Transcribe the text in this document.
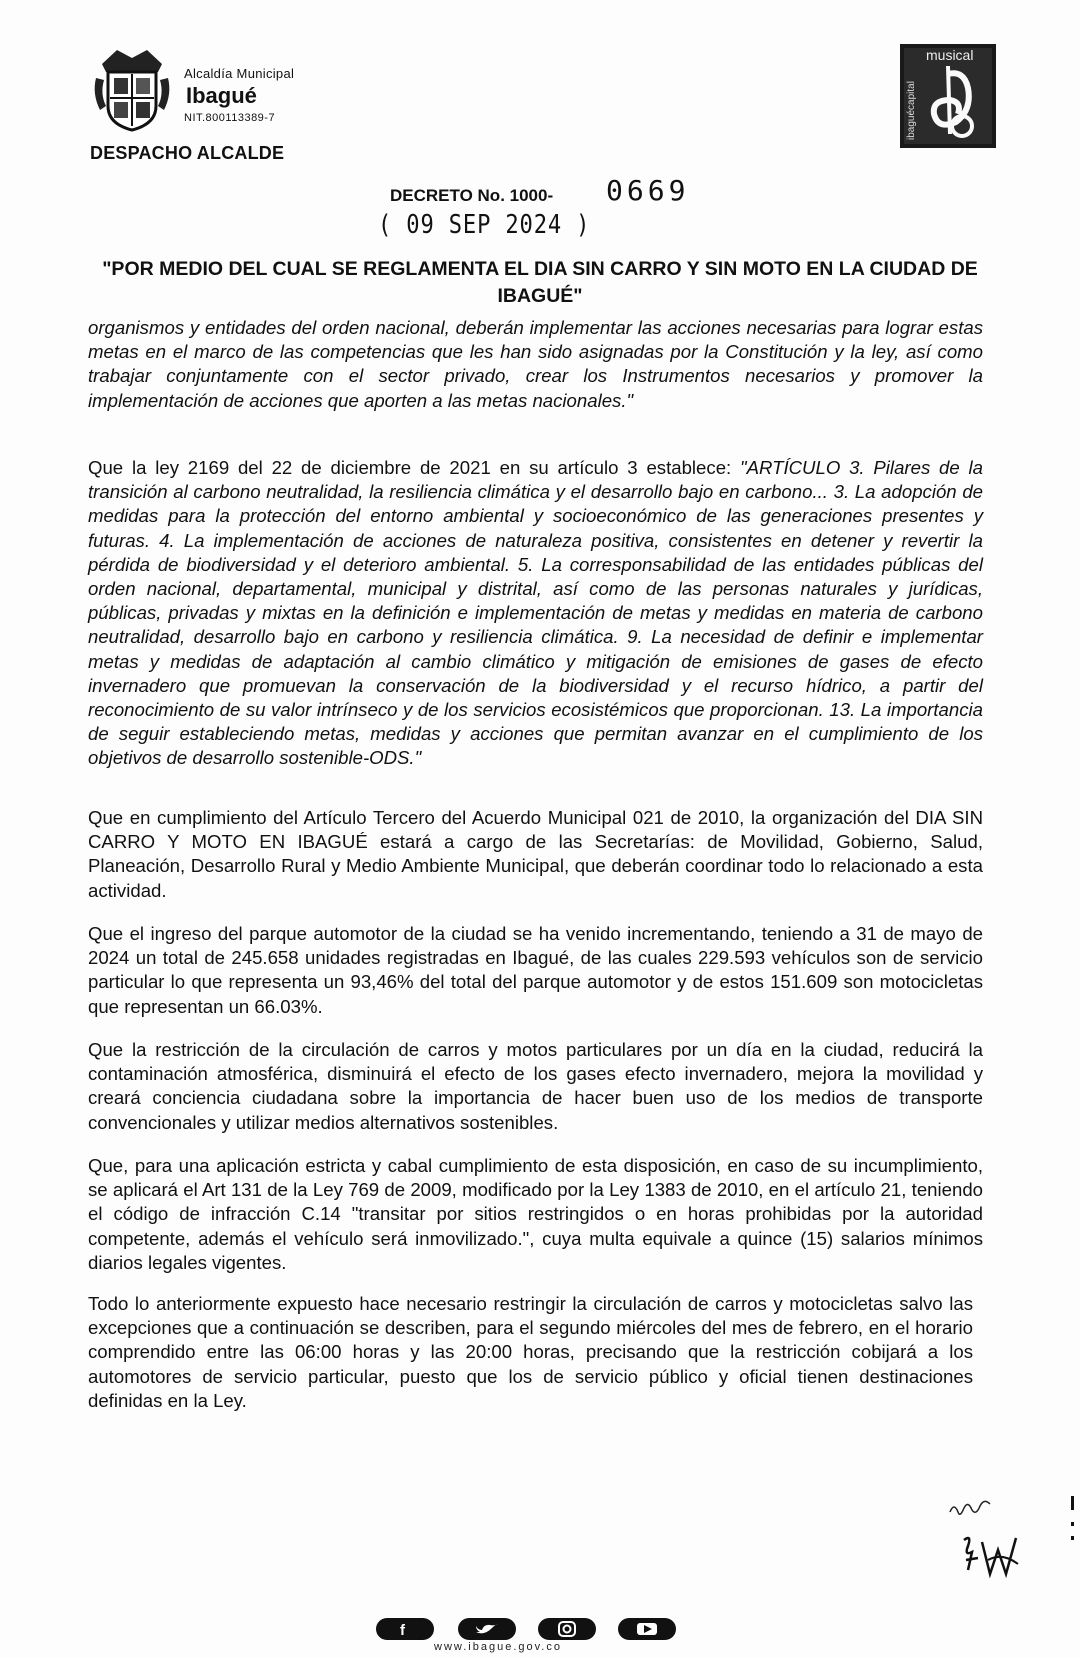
Alcaldía Municipal
Ibagué
NIT.800113389-7
DESPACHO ALCALDE
musical
ibaguécapital
DECRETO No. 1000- 0669
( 09 SEP 2024 )
"POR MEDIO DEL CUAL SE REGLAMENTA EL DIA SIN CARRO Y SIN MOTO EN LA CIUDAD DE IBAGUÉ"
organismos y entidades del orden nacional, deberán implementar las acciones necesarias para lograr estas metas en el marco de las competencias que les han sido asignadas por la Constitución y la ley, así como trabajar conjuntamente con el sector privado, crear los Instrumentos necesarios y promover la implementación de acciones que aporten a las metas nacionales."
Que la ley 2169 del 22 de diciembre de 2021 en su artículo 3 establece: "ARTÍCULO 3. Pilares de la transición al carbono neutralidad, la resiliencia climática y el desarrollo bajo en carbono... 3. La adopción de medidas para la protección del entorno ambiental y socioeconómico de las generaciones presentes y futuras. 4. La implementación de acciones de naturaleza positiva, consistentes en detener y revertir la pérdida de biodiversidad y el deterioro ambiental. 5. La corresponsabilidad de las entidades públicas del orden nacional, departamental, municipal y distrital, así como de las personas naturales y jurídicas, públicas, privadas y mixtas en la definición e implementación de metas y medidas en materia de carbono neutralidad, desarrollo bajo en carbono y resiliencia climática. 9. La necesidad de definir e implementar metas y medidas de adaptación al cambio climático y mitigación de emisiones de gases de efecto invernadero que promuevan la conservación de la biodiversidad y el recurso hídrico, a partir del reconocimiento de su valor intrínseco y de los servicios ecosistémicos que proporcionan. 13. La importancia de seguir estableciendo metas, medidas y acciones que permitan avanzar en el cumplimiento de los objetivos de desarrollo sostenible-ODS."
Que en cumplimiento del Artículo Tercero del Acuerdo Municipal 021 de 2010, la organización del DIA SIN CARRO Y MOTO EN IBAGUÉ estará a cargo de las Secretarías: de Movilidad, Gobierno, Salud, Planeación, Desarrollo Rural y Medio Ambiente Municipal, que deberán coordinar todo lo relacionado a esta actividad.
Que el ingreso del parque automotor de la ciudad se ha venido incrementando, teniendo a 31 de mayo de 2024 un total de 245.658 unidades registradas en Ibagué, de las cuales 229.593 vehículos son de servicio particular lo que representa un 93,46% del total del parque automotor y de estos 151.609 son motocicletas que representan un 66.03%.
Que la restricción de la circulación de carros y motos particulares por un día en la ciudad, reducirá la contaminación atmosférica, disminuirá el efecto de los gases efecto invernadero, mejora la movilidad y creará conciencia ciudadana sobre la importancia de hacer buen uso de los medios de transporte convencionales y utilizar medios alternativos sostenibles.
Que, para una aplicación estricta y cabal cumplimiento de esta disposición, en caso de su incumplimiento, se aplicará el Art 131 de la Ley 769 de 2009, modificado por la Ley 1383 de 2010, en el artículo 21, teniendo el código de infracción C.14 "transitar por sitios restringidos o en horas prohibidas por la autoridad competente, además el vehículo será inmovilizado.", cuya multa equivale a quince (15) salarios mínimos diarios legales vigentes.
Todo lo anteriormente expuesto hace necesario restringir la circulación de carros y motocicletas salvo las excepciones que a continuación se describen, para el segundo miércoles del mes de febrero, en el horario comprendido entre las 06:00 horas y las 20:00 horas, precisando que la restricción cobijará a los automotores de servicio particular, puesto que los de servicio público y oficial tienen destinaciones definidas en la Ley.
f
www.ibague.gov.co
